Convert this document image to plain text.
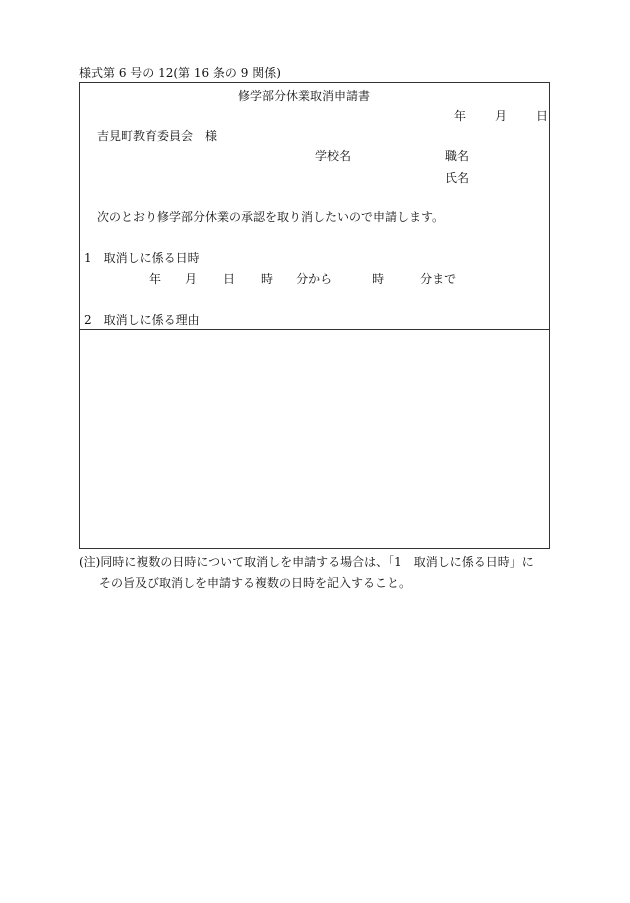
様式第 6 号の 12(第 16 条の 9 関係)
修学部分休業取消申請書
年 月 日
吉見町教育委員会　様
学校名	職名
氏名
次のとおり修学部分休業の承認を取り消したいので申請します。
1　取消しに係る日時
年 月 日 時 分から	時	分まで
2　取消しに係る理由
(注)同時に複数の日時について取消しを申請する場合は、「1　取消しに係る日時」に
その旨及び取消しを申請する複数の日時を記入すること。
